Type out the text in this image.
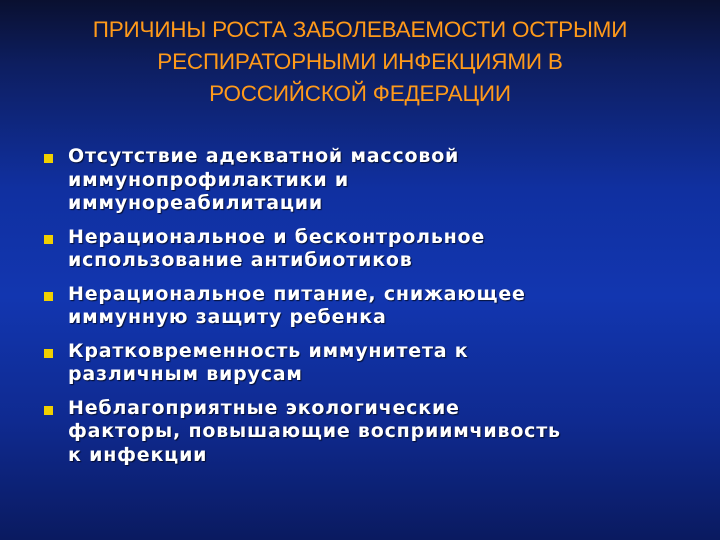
ПРИЧИНЫ РОСТА ЗАБОЛЕВАЕМОСТИ ОСТРЫМИ
РЕСПИРАТОРНЫМИ ИНФЕКЦИЯМИ В
РОССИЙСКОЙ ФЕДЕРАЦИИ
Отсутствие адекватной массовой
иммунопрофилактики и
иммунореабилитации
Нерациональное и бесконтрольное
использование антибиотиков
Нерациональное питание, снижающее
иммунную защиту ребенка
Кратковременность иммунитета к
различным вирусам
Неблагоприятные экологические
факторы, повышающие восприимчивость
к инфекции
